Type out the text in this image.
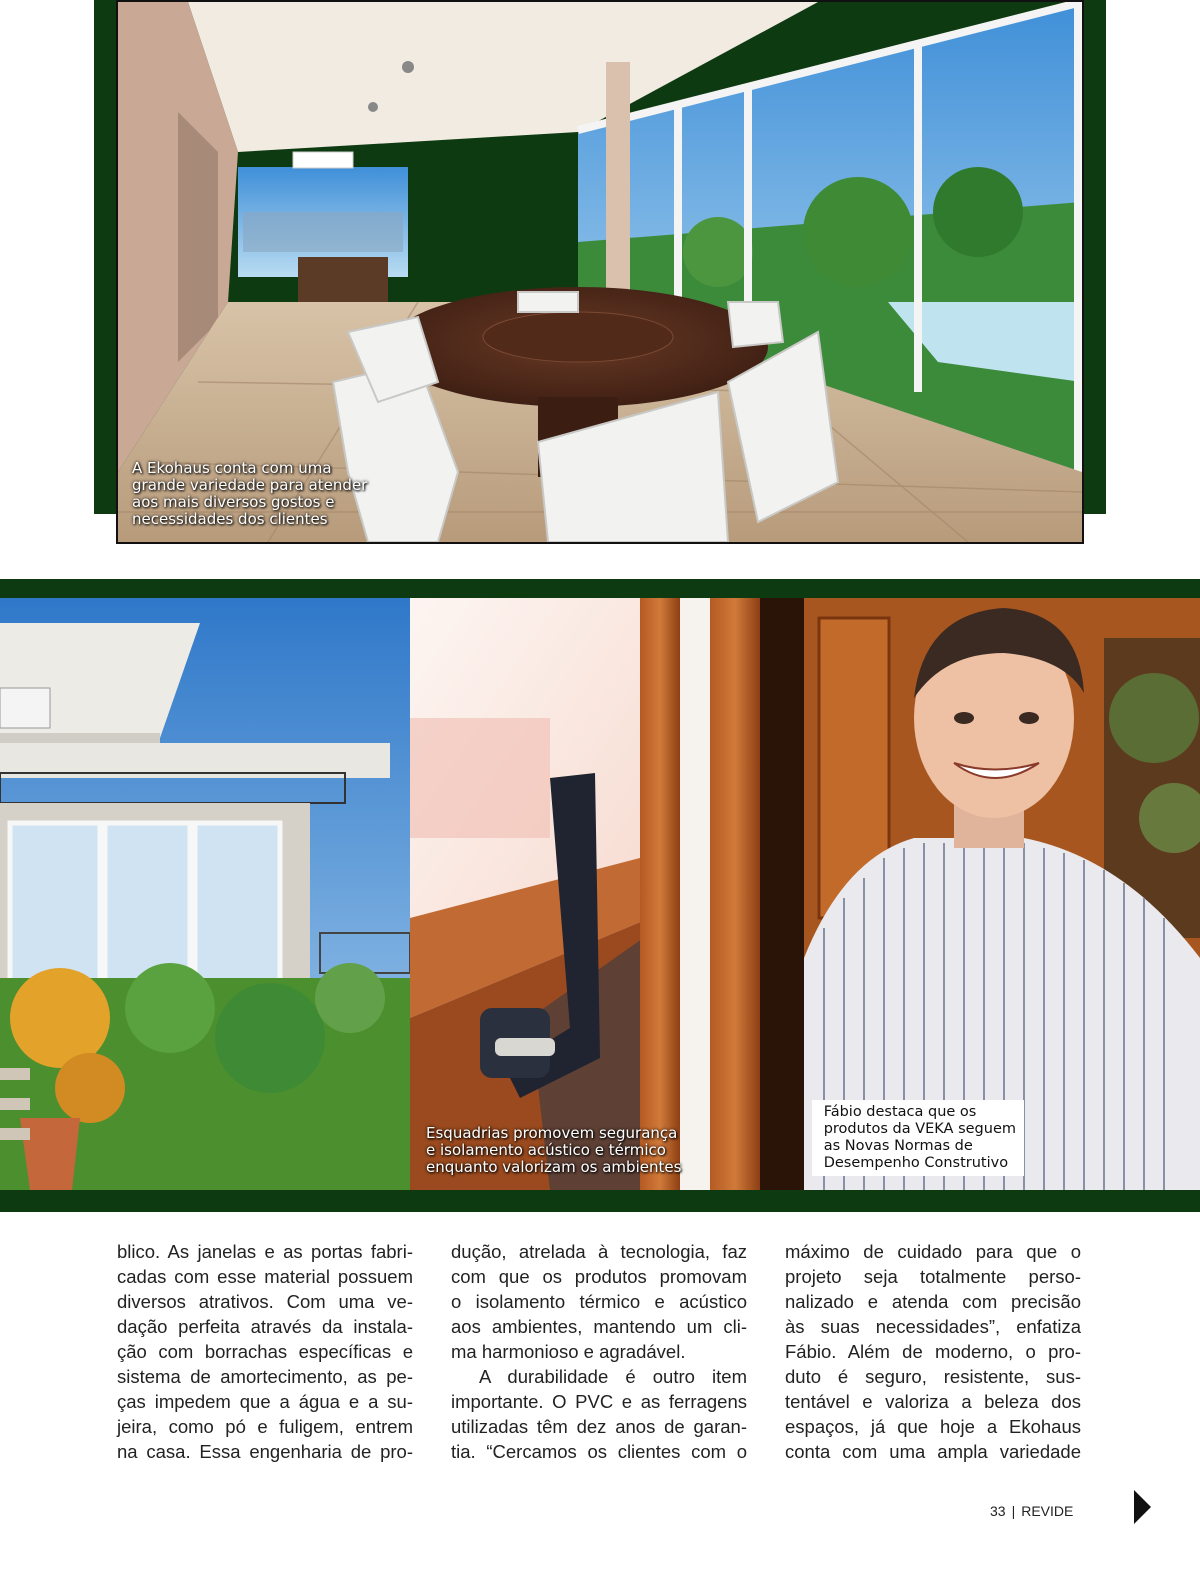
A Ekohaus conta com uma
grande variedade para atender
aos mais diversos gostos e
necessidades dos clientes
Esquadrias promovem segurança
e isolamento acústico e térmico
enquanto valorizam os ambientes
Fábio destaca que os
produtos da VEKA seguem
as Novas Normas de
Desempenho Construtivo

blico. As janelas e as portas fabri-

cadas com esse material possuem

diversos atrativos. Com uma ve-

dação perfeita através da instala-

ção com borrachas específicas e

sistema de amortecimento, as pe-

ças impedem que a água e a su-

jeira, como pó e fuligem, entrem

na casa. Essa engenharia de pro-

dução, atrelada à tecnologia, faz

com que os produtos promovam

o isolamento térmico e acústico

aos ambientes, mantendo um cli-

ma harmonioso e agradável.

A durabilidade é outro item

importante. O PVC e as ferragens

utilizadas têm dez anos de garan-

tia. “Cercamos os clientes com o

máximo de cuidado para que o

projeto seja totalmente perso-

nalizado e atenda com precisão

às suas necessidades”, enfatiza

Fábio. Além de moderno, o pro-

duto é seguro, resistente, sus-

tentável e valoriza a beleza dos

espaços, já que hoje a Ekohaus

conta com uma ampla variedade

33 | REVIDE
